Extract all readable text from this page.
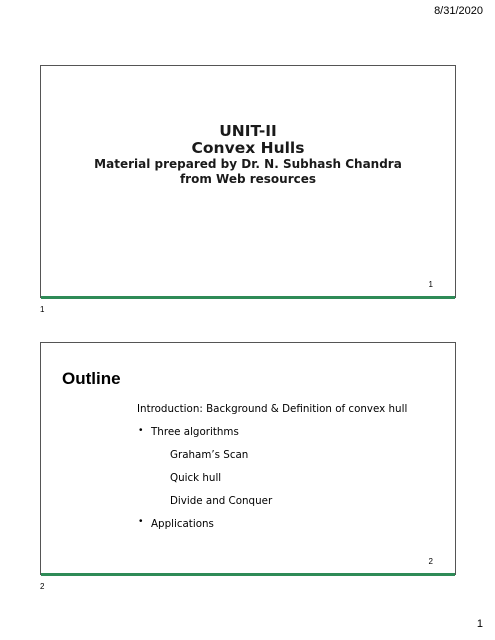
8/31/2020
UNIT-II
Convex Hulls
Material prepared by Dr. N. Subhash Chandra
from Web resources
1
1
Outline
Introduction: Background & Definition of convex hull
• Three algorithms
Graham’s Scan
Quick hull
Divide and Conquer
• Applications
2
2
1
